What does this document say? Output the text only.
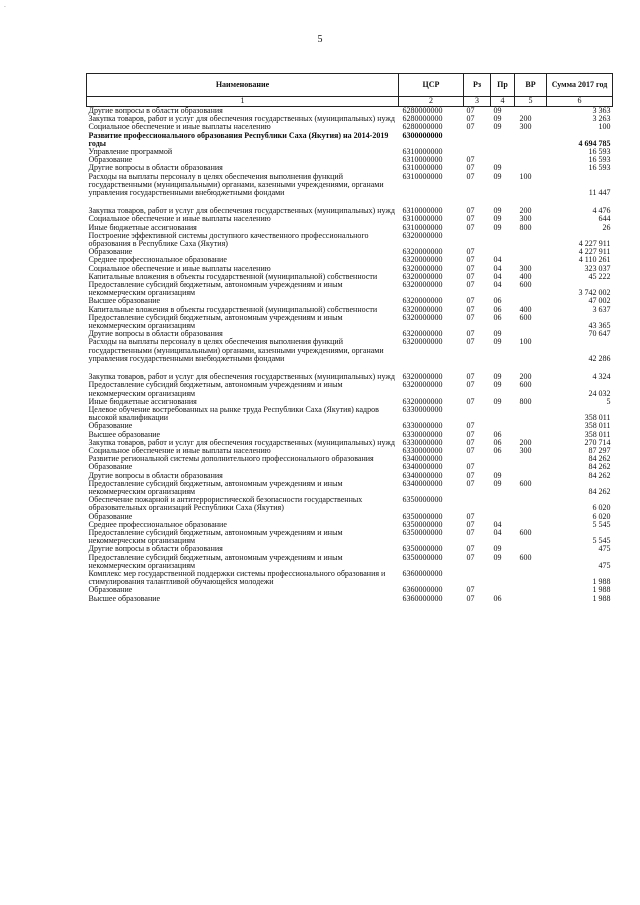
.
5
Наименование	ЦСР	Рз	Пр	ВР	Сумма 2017 год
1	2	3	4	5	6
Другие вопросы в области образования	6280000000	07	09		3 363
Закупка товаров, работ и услуг для обеспечения государственных (муниципальных) нужд	6280000000	07	09	200	3 263
Социальное обеспечение и иные выплаты населению	6280000000	07	09	300	100
Развитие профессионального образования Республики Саха (Якутия) на 2014-2019 годы	6300000000				4 694 785
Управление программой	6310000000				16 593
Образование	6310000000	07			16 593
Другие вопросы в области образования	6310000000	07	09		16 593
Расходы на выплаты персоналу в целях обеспечения выполнения функций государственными (муниципальными) органами, казенными учреждениями, органами управления государственными внебюджетными фондами	6310000000	07	09	100	11 447
Закупка товаров, работ и услуг для обеспечения государственных (муниципальных) нужд	6310000000	07	09	200	4 476
Социальное обеспечение и иные выплаты населению	6310000000	07	09	300	644
Иные бюджетные ассигнования	6310000000	07	09	800	26
Построение эффективной системы доступного качественного профессионального образования в Республике Саха (Якутия)	6320000000				4 227 911
Образование	6320000000	07			4 227 911
Среднее профессиональное образование	6320000000	07	04		4 110 261
Социальное обеспечение и иные выплаты населению	6320000000	07	04	300	323 037
Капитальные вложения в объекты государственной (муниципальной) собственности	6320000000	07	04	400	45 222
Предоставление субсидий бюджетным, автономным учреждениям и иным некоммерческим организациям	6320000000	07	04	600	3 742 002
Высшее образование	6320000000	07	06		47 002
Капитальные вложения в объекты государственной (муниципальной) собственности	6320000000	07	06	400	3 637
Предоставление субсидий бюджетным, автономным учреждениям и иным некоммерческим организациям	6320000000	07	06	600	43 365
Другие вопросы в области образования	6320000000	07	09		70 647
Расходы на выплаты персоналу в целях обеспечения выполнения функций государственными (муниципальными) органами, казенными учреждениями, органами управления государственными внебюджетными фондами	6320000000	07	09	100	42 286
Закупка товаров, работ и услуг для обеспечения государственных (муниципальных) нужд	6320000000	07	09	200	4 324
Предоставление субсидий бюджетным, автономным учреждениям и иным некоммерческим организациям	6320000000	07	09	600	24 032
Иные бюджетные ассигнования	6320000000	07	09	800	5
Целевое обучение востребованных на рынке труда Республики Саха (Якутия) кадров высокой квалификации	6330000000				358 011
Образование	6330000000	07			358 011
Высшее образование	6330000000	07	06		358 011
Закупка товаров, работ и услуг для обеспечения государственных (муниципальных) нужд	6330000000	07	06	200	270 714
Социальное обеспечение и иные выплаты населению	6330000000	07	06	300	87 297
Развитие региональной системы дополнительного профессионального образования	6340000000				84 262
Образование	6340000000	07			84 262
Другие вопросы в области образования	6340000000	07	09		84 262
Предоставление субсидий бюджетным, автономным учреждениям и иным некоммерческим организациям	6340000000	07	09	600	84 262
Обеспечение пожарной и антитеррористической безопасности государственных образовательных организаций Республики Саха (Якутия)	6350000000				6 020
Образование	6350000000	07			6 020
Среднее профессиональное образование	6350000000	07	04		5 545
Предоставление субсидий бюджетным, автономным учреждениям и иным некоммерческим организациям	6350000000	07	04	600	5 545
Другие вопросы в области образования	6350000000	07	09		475
Предоставление субсидий бюджетным, автономным учреждениям и иным некоммерческим организациям	6350000000	07	09	600	475
Комплекс мер государственной поддержки системы профессионального образования и стимулирования талантливой обучающейся молодежи	6360000000				1 988
Образование	6360000000	07			1 988
Высшее образование	6360000000	07	06		1 988
